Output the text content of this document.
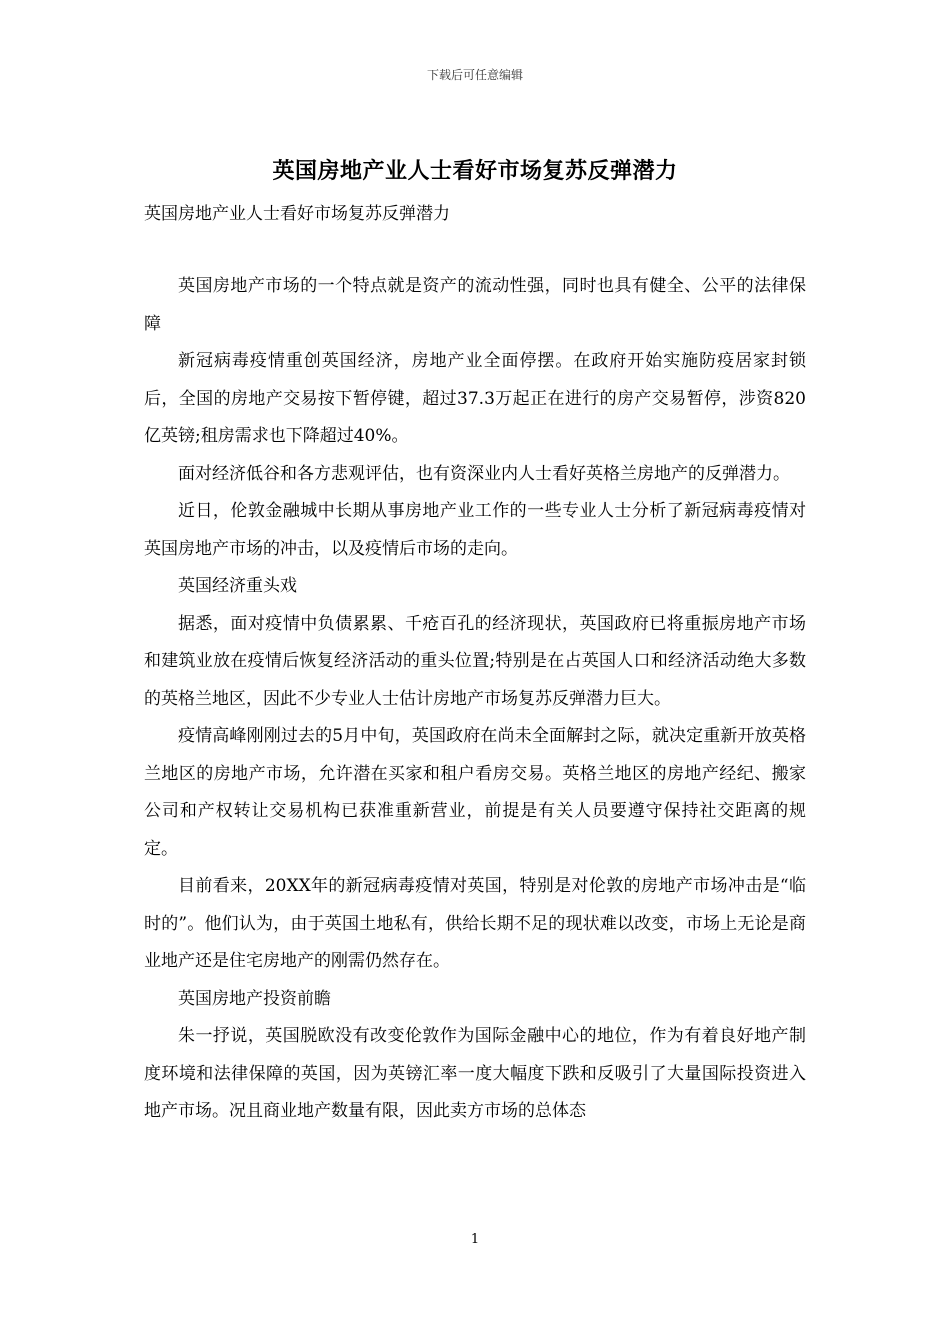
下载后可任意编辑
英国房地产业人士看好市场复苏反弹潜力
英国房地产业人士看好市场复苏反弹潜力

英国房地产市场的一个特点就是资产的流动性强，同时也具有健全、公平的法律保障

新冠病毒疫情重创英国经济，房地产业全面停摆。在政府开始实施防疫居家封锁后，全国的房地产交易按下暂停键，超过37.3万起正在进行的房产交易暂停，涉资820亿英镑;租房需求也下降超过40%。

面对经济低谷和各方悲观评估，也有资深业内人士看好英格兰房地产的反弹潜力。

近日，伦敦金融城中长期从事房地产业工作的一些专业人士分析了新冠病毒疫情对英国房地产市场的冲击，以及疫情后市场的走向。

英国经济重头戏

据悉，面对疫情中负债累累、千疮百孔的经济现状，英国政府已将重振房地产市场和建筑业放在疫情后恢复经济活动的重头位置;特别是在占英国人口和经济活动绝大多数的英格兰地区，因此不少专业人士估计房地产市场复苏反弹潜力巨大。

疫情高峰刚刚过去的5月中旬，英国政府在尚未全面解封之际，就决定重新开放英格兰地区的房地产市场，允许潜在买家和租户看房交易。英格兰地区的房地产经纪、搬家公司和产权转让交易机构已获准重新营业，前提是有关人员要遵守保持社交距离的规定。

目前看来，20XX年的新冠病毒疫情对英国，特别是对伦敦的房地产市场冲击是“临时的”。他们认为，由于英国土地私有，供给长期不足的现状难以改变，市场上无论是商业地产还是住宅房地产的刚需仍然存在。

英国房地产投资前瞻

朱一抒说，英国脱欧没有改变伦敦作为国际金融中心的地位，作为有着良好地产制度环境和法律保障的英国，因为英镑汇率一度大幅度下跌和反吸引了大量国际投资进入地产市场。况且商业地产数量有限，因此卖方市场的总体态

1
